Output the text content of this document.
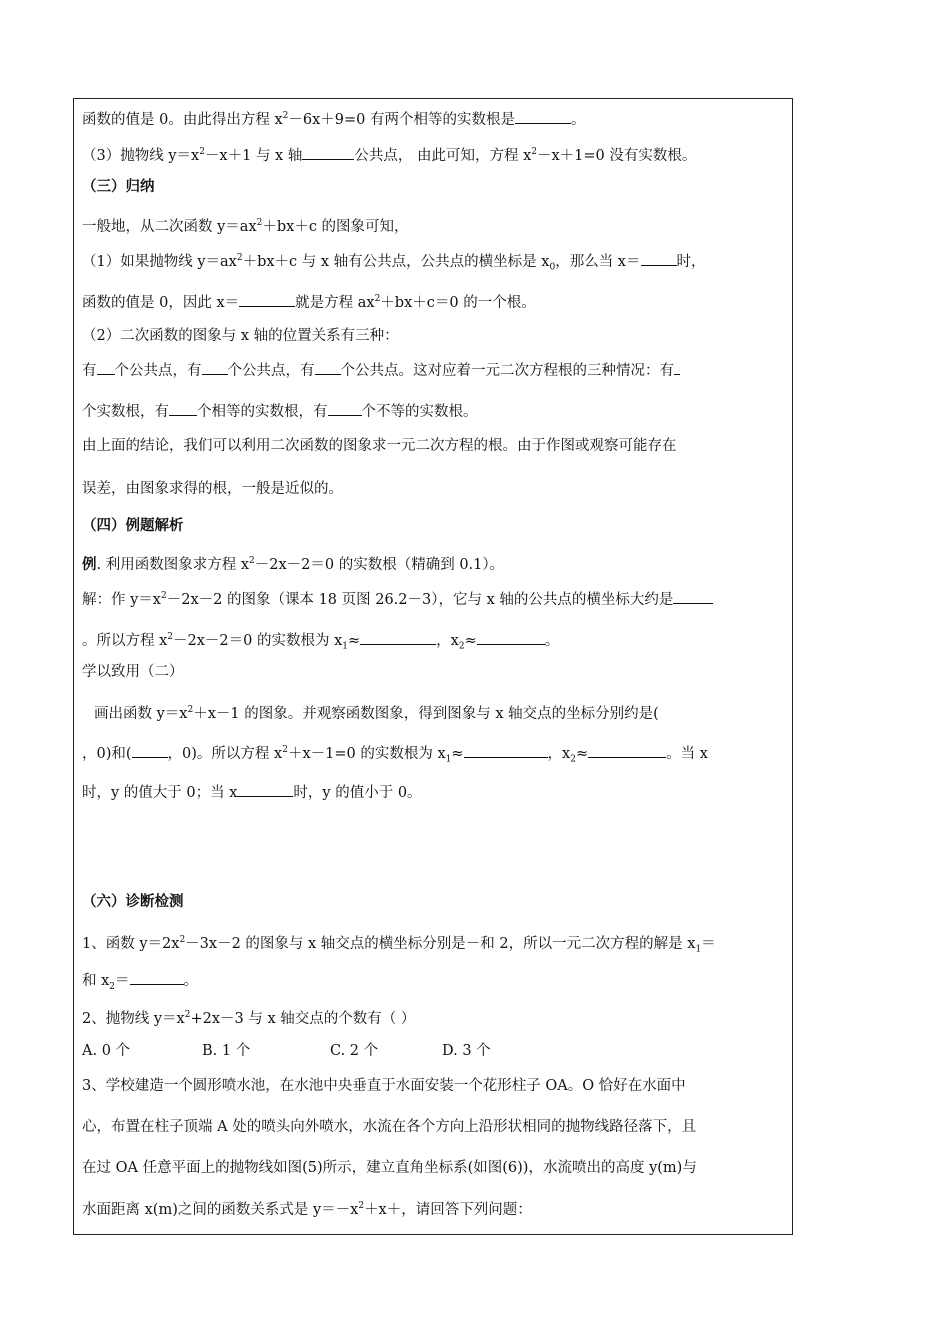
函数的值是 0。由此得出方程 $x^2-6x+9=0$ 有两个相等的实数根是	。
（3）抛物线 $y=x^2-x+1$ 与 x 轴	公共点， 由此可知，方程 $x^2-x+1=0$ 没有实数根。
（三）归纳
一般地，从二次函数 $y=ax^2+bx+c$ 的图象可知，
（1）如果抛物线 $y=ax^2+bx+c$ 与 x 轴有公共点，公共点的横坐标是 $x_0$，那么当 x＝ 时，
函数的值是 0，因此 x＝	就是方程 $ax^2+bx+c=0$ 的一个根。
（2）二次函数的图象与 x 轴的位置关系有三种：
有 个公共点，有 个公共点，有 个公共点。这对应着一元二次方程根的三种情况：有
个实数根，有 个相等的实数根，有 个不等的实数根。
由上面的结论，我们可以利用二次函数的图象求一元二次方程的根。由于作图或观察可能存在
误差，由图象求得的根，一般是近似的。
（四）例题解析
例. 利用函数图象求方程 $x^2-2x-2=0$ 的实数根（精确到 0.1）。
解：作 $y=x^2-2x-2$ 的图象（课本 18 页图 26.2－3），它与 x 轴的公共点的横坐标大约是
。所以方程 $x^2-2x-2=0$ 的实数根为 $x_1\approx$	，$x_2\approx$	。
学以致用（二）
画出函数 $y=x^2+x-1$ 的图象。并观察函数图象，得到图象与 x 轴交点的坐标分别约是(
，0)和( ，0)。所以方程 $x^2+x-1=0$ 的实数根为 $x_1\approx$	，$x_2\approx$	。当 x
时，y 的值大于 0；当 x	时，y 的值小于 0。
（六）诊断检测
1、函数 $y=2x^2-3x-2$ 的图象与 x 轴交点的横坐标分别是－和 2，所以一元二次方程的解是 $x_1=$
和 $x_2=$	。
2、抛物线 $y=x^2+2x-3$ 与 x 轴交点的个数有（ ）
A. 0 个	B. 1 个	C. 2 个	D. 3 个
3、学校建造一个圆形喷水池，在水池中央垂直于水面安装一个花形柱子 OA。O 恰好在水面中
心，布置在柱子顶端 A 处的喷头向外喷水，水流在各个方向上沿形状相同的抛物线路径落下，且
在过 OA 任意平面上的抛物线如图(5)所示，建立直角坐标系(如图(6))，水流喷出的高度 y(m)与
水面距离 x(m)之间的函数关系式是 $y=-x^2+x+$，请回答下列问题：
